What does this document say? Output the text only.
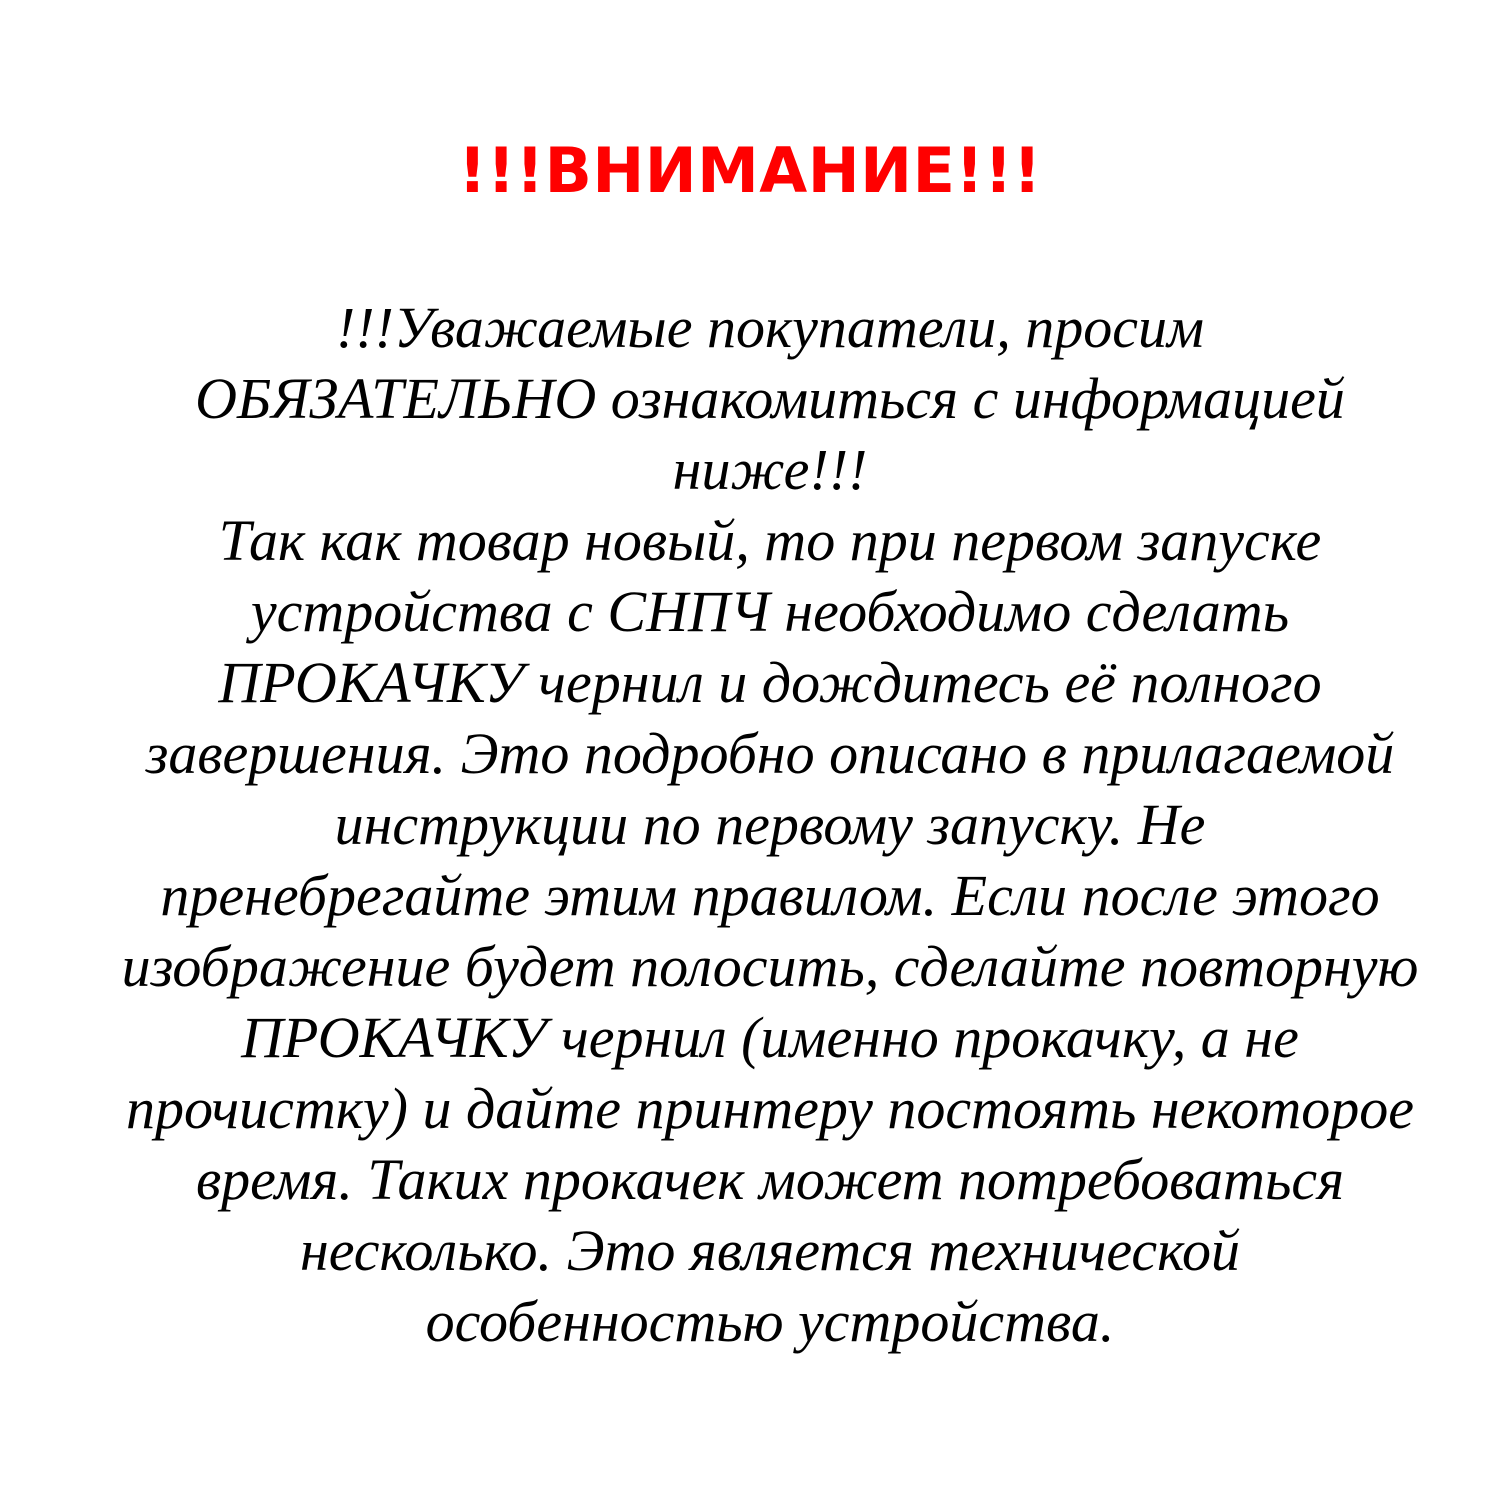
!!!ВНИМАНИЕ!!!
!!!Уважаемые покупатели, просим
ОБЯЗАТЕЛЬНО ознакомиться с информацией
ниже!!!
Так как товар новый, то при первом запуске
устройства с СНПЧ необходимо сделать
ПРОКАЧКУ чернил и дождитесь её полного
завершения. Это подробно описано в прилагаемой
инструкции по первому запуску. Не
пренебрегайте этим правилом. Если после этого
изображение будет полосить, сделайте повторную
ПРОКАЧКУ чернил (именно прокачку, а не
прочистку) и дайте принтеру постоять некоторое
время. Таких прокачек может потребоваться
несколько. Это является технической
особенностью устройства.
